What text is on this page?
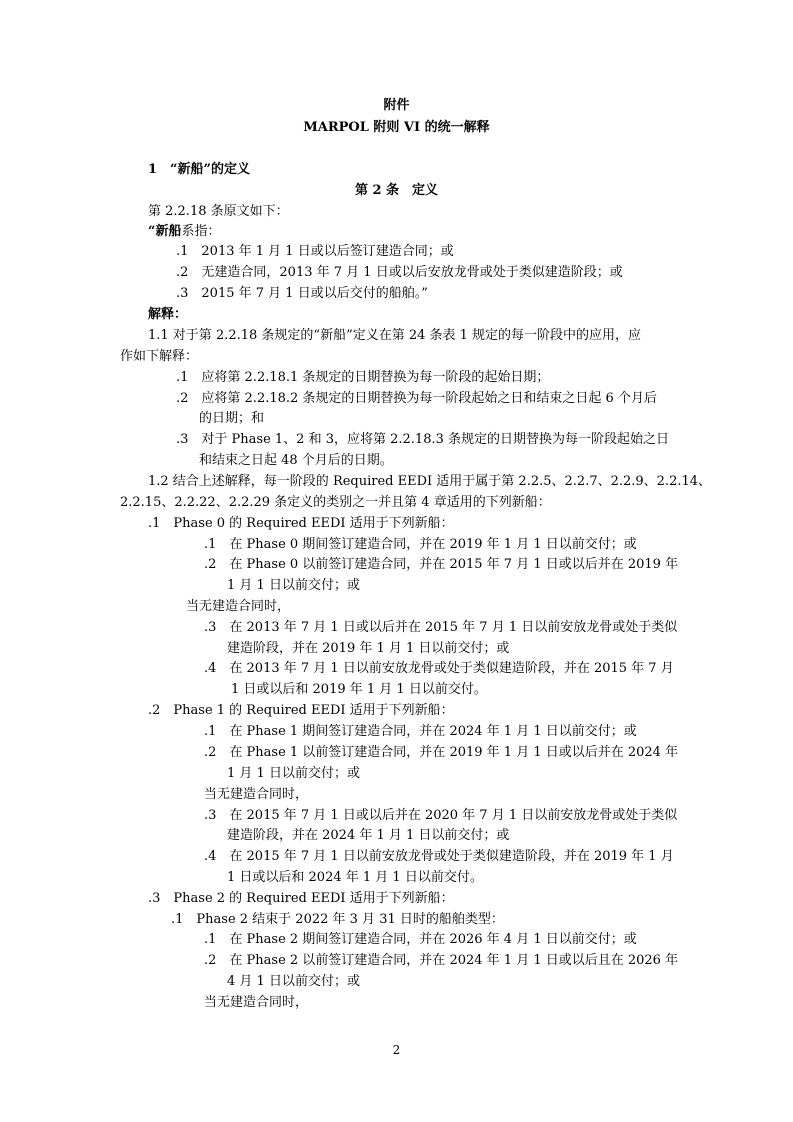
附件
MARPOL 附则 VI 的统一解释
1　“新船”的定义
第 2 条　定义
第 2.2.18 条原文如下：
“新船系指：
.1　2013 年 1 月 1 日或以后签订建造合同；或
.2　无建造合同，2013 年 7 月 1 日或以后安放龙骨或处于类似建造阶段；或
.3　2015 年 7 月 1 日或以后交付的船舶。”
解释：
1.1 对于第 2.2.18 条规定的“新船”定义在第 24 条表 1 规定的每一阶段中的应用，应
作如下解释：
.1　应将第 2.2.18.1 条规定的日期替换为每一阶段的起始日期；
.2　应将第 2.2.18.2 条规定的日期替换为每一阶段起始之日和结束之日起 6 个月后
的日期；和
.3　对于 Phase 1、2 和 3，应将第 2.2.18.3 条规定的日期替换为每一阶段起始之日
和结束之日起 48 个月后的日期。
1.2 结合上述解释，每一阶段的 Required EEDI 适用于属于第 2.2.5、2.2.7、2.2.9、2.2.14、
2.2.15、2.2.22、2.2.29 条定义的类别之一并且第 4 章适用的下列新船：
.1　Phase 0 的 Required EEDI 适用于下列新船：
.1　在 Phase 0 期间签订建造合同，并在 2019 年 1 月 1 日以前交付；或
.2　在 Phase 0 以前签订建造合同，并在 2015 年 7 月 1 日或以后并在 2019 年
1 月 1 日以前交付；或
当无建造合同时，
.3　在 2013 年 7 月 1 日或以后并在 2015 年 7 月 1 日以前安放龙骨或处于类似
建造阶段，并在 2019 年 1 月 1 日以前交付；或
.4　在 2013 年 7 月 1 日以前安放龙骨或处于类似建造阶段，并在 2015 年 7 月
1 日或以后和 2019 年 1 月 1 日以前交付。
.2　Phase 1 的 Required EEDI 适用于下列新船：
.1　在 Phase 1 期间签订建造合同，并在 2024 年 1 月 1 日以前交付；或
.2　在 Phase 1 以前签订建造合同，并在 2019 年 1 月 1 日或以后并在 2024 年
1 月 1 日以前交付；或
当无建造合同时，
.3　在 2015 年 7 月 1 日或以后并在 2020 年 7 月 1 日以前安放龙骨或处于类似
建造阶段，并在 2024 年 1 月 1 日以前交付；或
.4　在 2015 年 7 月 1 日以前安放龙骨或处于类似建造阶段，并在 2019 年 1 月
1 日或以后和 2024 年 1 月 1 日以前交付。
.3　Phase 2 的 Required EEDI 适用于下列新船：
.1　Phase 2 结束于 2022 年 3 月 31 日时的船舶类型：
.1　在 Phase 2 期间签订建造合同，并在 2026 年 4 月 1 日以前交付；或
.2　在 Phase 2 以前签订建造合同，并在 2024 年 1 月 1 日或以后且在 2026 年
4 月 1 日以前交付；或
当无建造合同时，
2
